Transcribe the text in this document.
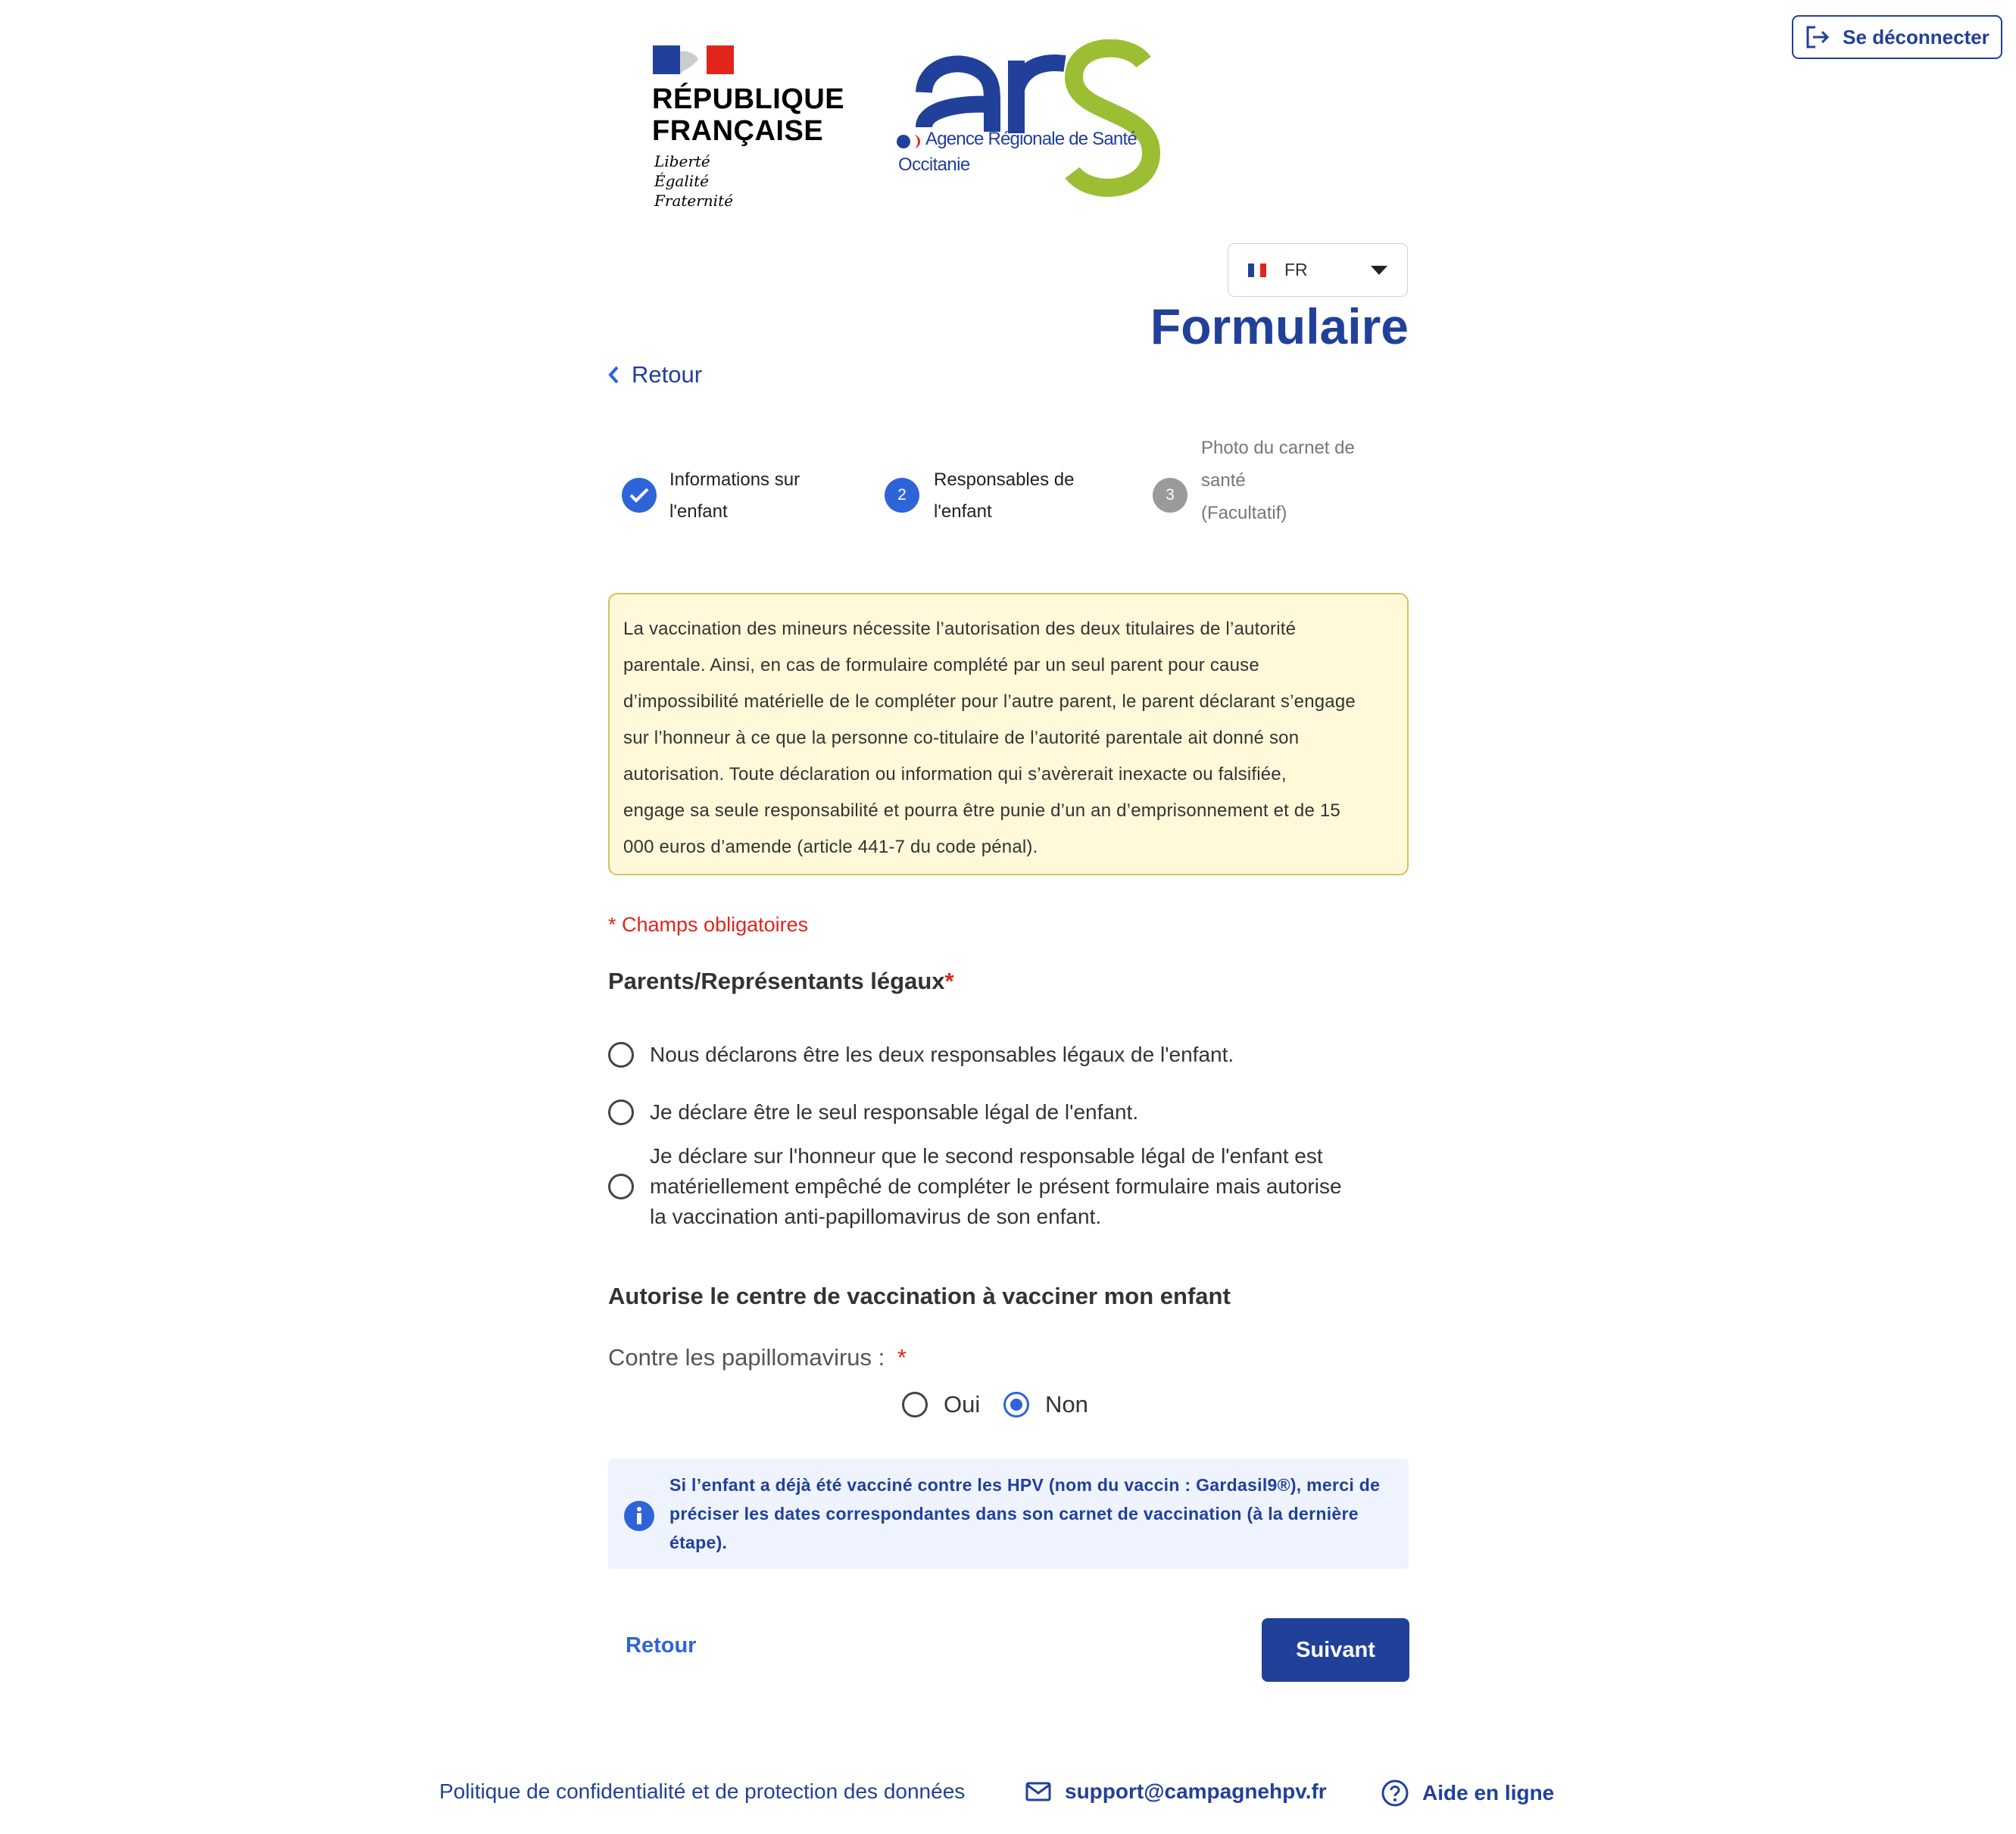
Se déconnecter
RÉPUBLIQUE
FRANÇAISE
Liberté
Égalité
Fraternité
Agence Régionale de Santé
Occitanie
FR
Formulaire
Retour
Informations sur
l'enfant
2
Responsables de
l'enfant
3
Photo du carnet de
santé
(Facultatif)
La vaccination des mineurs nécessite l’autorisation des deux titulaires de l’autorité
parentale. Ainsi, en cas de formulaire complété par un seul parent pour cause
d’impossibilité matérielle de le compléter pour l’autre parent, le parent déclarant s’engage
sur l’honneur à ce que la personne co-titulaire de l’autorité parentale ait donné son
autorisation. Toute déclaration ou information qui s’avèrerait inexacte ou falsifiée,
engage sa seule responsabilité et pourra être punie d’un an d’emprisonnement et de 15
000 euros d’amende (article 441-7 du code pénal).
* Champs obligatoires
Parents/Représentants légaux*
Nous déclarons être les deux responsables légaux de l'enfant.
Je déclare être le seul responsable légal de l'enfant.
Je déclare sur l'honneur que le second responsable légal de l'enfant est
matériellement empêché de compléter le présent formulaire mais autorise
la vaccination anti-papillomavirus de son enfant.
Autorise le centre de vaccination à vacciner mon enfant
Contre les papillomavirus : *
Oui	Non
Si l’enfant a déjà été vacciné contre les HPV (nom du vaccin : Gardasil9®), merci de
préciser les dates correspondantes dans son carnet de vaccination (à la dernière
étape).
Retour	Suivant
Politique de confidentialité et de protection des données	support@campagnehpv.fr	Aide en ligne
